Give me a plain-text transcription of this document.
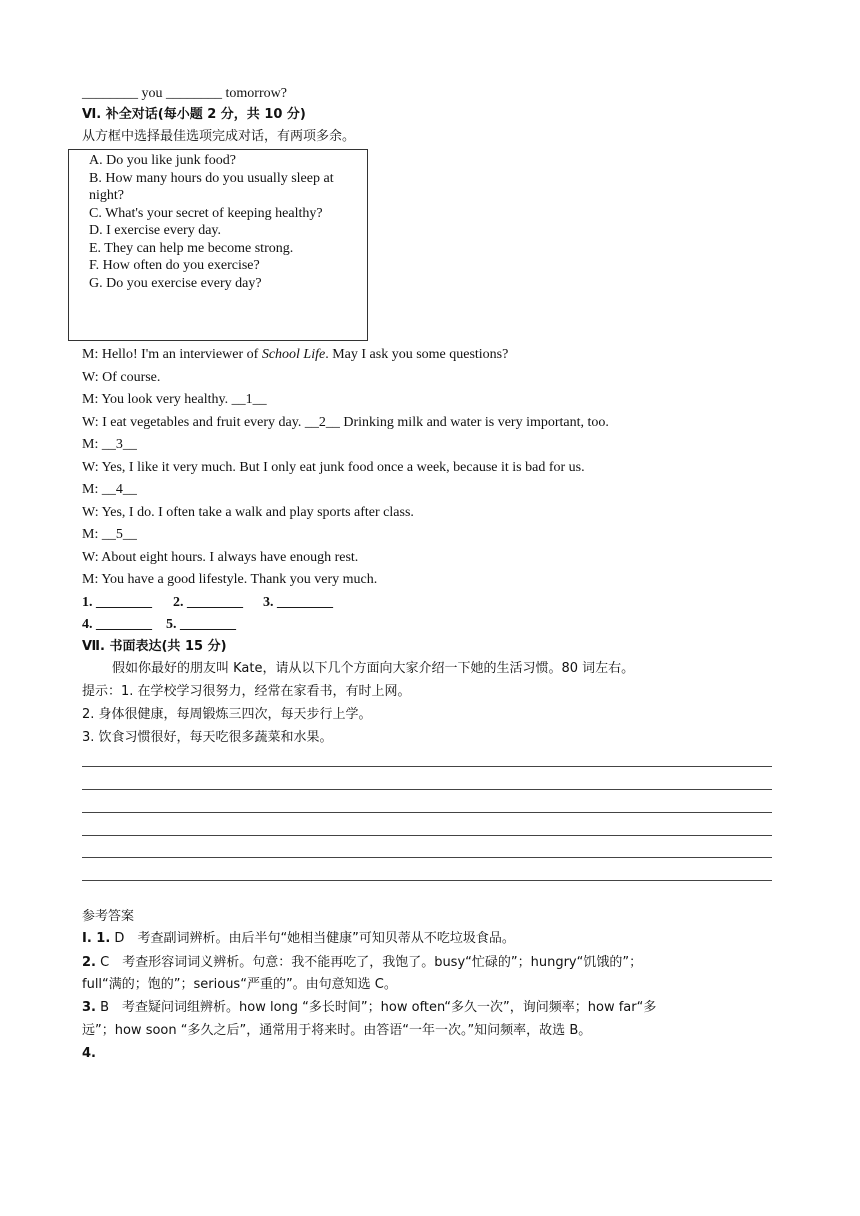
________ you ________ tomorrow?
Ⅵ. 补全对话(每小题 2 分，共 10 分)
从方框中选择最佳选项完成对话，有两项多余。
A. Do you like junk food?
B. How many hours do you usually sleep at
night?
C. What's your secret of keeping healthy?
D. I exercise every day.
E. They can help me become strong.
F. How often do you exercise?
G. Do you exercise every day?
M: Hello! I'm an interviewer of School Life. May I ask you some questions?
W: Of course.
M: You look very healthy. __1__
W: I eat vegetables and fruit every day. __2__ Drinking milk and water is very important, too.
M: __3__
W: Yes, I like it very much. But I only eat junk food once a week, because it is bad for us.
M: __4__
W: Yes, I do. I often take a walk and play sports after class.
M: __5__
W: About eight hours. I always have enough rest.
M: You have a good lifestyle. Thank you very much.
1. ________ 2. ________ 3. ________
4. ________ 5. ________
Ⅶ. 书面表达(共 15 分)
假如你最好的朋友叫 Kate，请从以下几个方面向大家介绍一下她的生活习惯。80 词左右。
提示：1. 在学校学习很努力，经常在家看书，有时上网。
2. 身体很健康，每周锻炼三四次，每天步行上学。
3. 饮食习惯很好，每天吃很多蔬菜和水果。
参考答案
Ⅰ. 1. D　考查副词辨析。由后半句“她相当健康”可知贝蒂从不吃垃圾食品。
2. C　考查形容词词义辨析。句意：我不能再吃了，我饱了。busy“忙碌的”；hungry“饥饿的”；
full“满的；饱的”；serious“严重的”。由句意知选 C。
3. B　考查疑问词组辨析。how long “多长时间”；how often“多久一次”，询问频率；how far“多
远”；how soon “多久之后”，通常用于将来时。由答语“一年一次。”知问频率，故选 B。
4.
